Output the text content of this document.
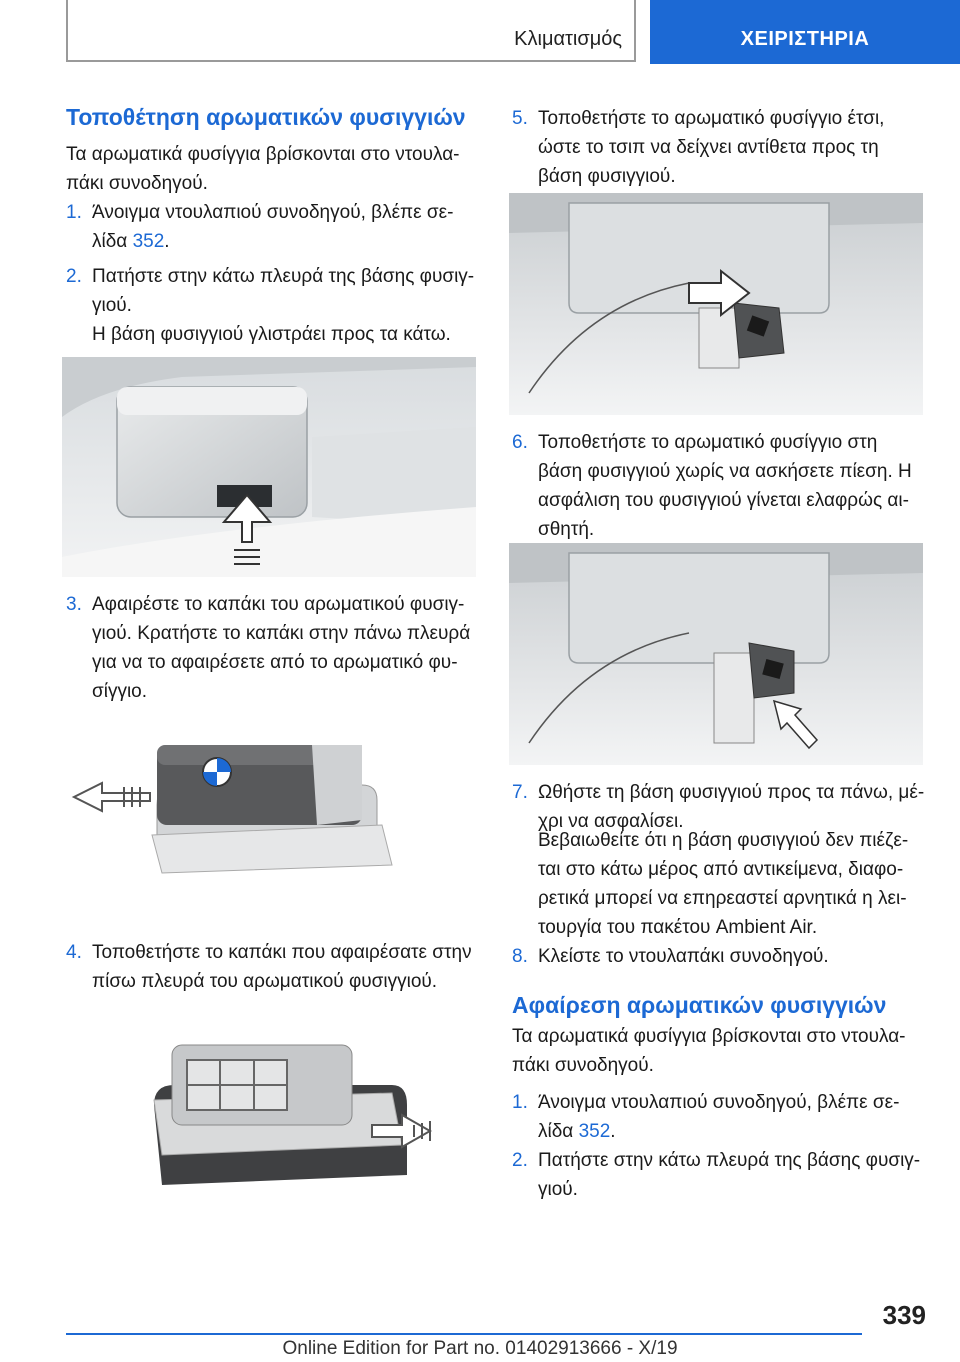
Κλιματισμός	ΧΕΙΡΙΣΤΗΡΙΑ
Τοποθέτηση αρωματικών φυσιγγιών

Τα αρωματικά φυσίγγια βρίσκονται στο ντουλα-
πάκι συνοδηγού.

1. Άνοιγμα ντουλαπιού συνοδηγού, βλέπε σε-
λίδα 352.
2. Πατήστε στην κάτω πλευρά της βάσης φυσιγ-
γιού.

Η βάση φυσιγγιού γλιστράει προς τα κάτω.

3. Αφαιρέστε το καπάκι του αρωματικού φυσιγ-
γιού. Κρατήστε το καπάκι στην πάνω πλευρά
για να το αφαιρέσετε από το αρωματικό φυ-
σίγγιο.
4. Τοποθετήστε το καπάκι που αφαιρέσατε στην
πίσω πλευρά του αρωματικού φυσιγγιού.
5. Τοποθετήστε το αρωματικό φυσίγγιο έτσι,
ώστε το τσιπ να δείχνει αντίθετα προς τη
βάση φυσιγγιού.
6. Τοποθετήστε το αρωματικό φυσίγγιο στη
βάση φυσιγγιού χωρίς να ασκήσετε πίεση. Η
ασφάλιση του φυσιγγιού γίνεται ελαφρώς αι-
σθητή.
7. Ωθήστε τη βάση φυσιγγιού προς τα πάνω, μέ-
χρι να ασφαλίσει.

Βεβαιωθείτε ότι η βάση φυσιγγιού δεν πιέζε-
ται στο κάτω μέρος από αντικείμενα, διαφο-
ρετικά μπορεί να επηρεαστεί αρνητικά η λει-
τουργία του πακέτου Ambient Air.

8. Κλείστε το ντουλαπάκι συνοδηγού.
Αφαίρεση αρωματικών φυσιγγιών

Τα αρωματικά φυσίγγια βρίσκονται στο ντουλα-
πάκι συνοδηγού.

1. Άνοιγμα ντουλαπιού συνοδηγού, βλέπε σε-
λίδα 352.
2. Πατήστε στην κάτω πλευρά της βάσης φυσιγ-
γιού.
339
Online Edition for Part no. 01402913666 - X/19
